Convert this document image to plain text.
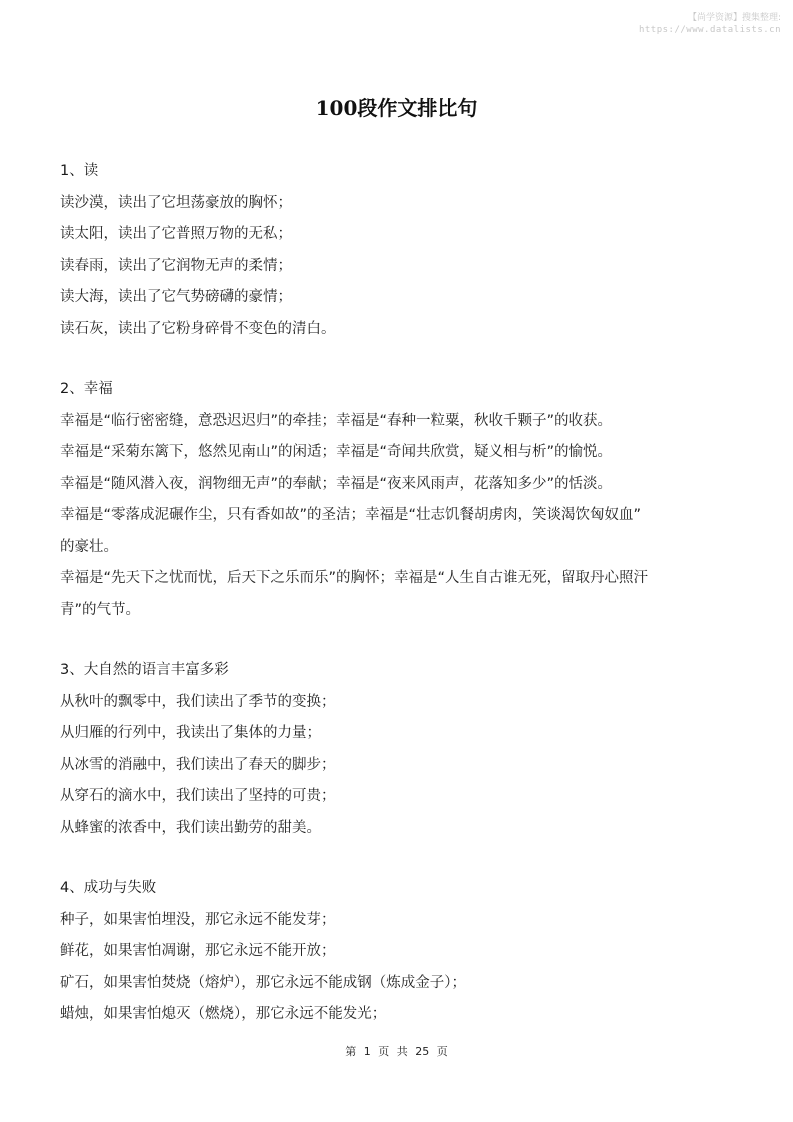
【尚学资源】搜集整理:
https://www.datalists.cn
100段作文排比句
1、读
读沙漠，读出了它坦荡豪放的胸怀；
读太阳，读出了它普照万物的无私；
读春雨，读出了它润物无声的柔情；
读大海，读出了它气势磅礴的豪情；
读石灰，读出了它粉身碎骨不变色的清白。
2、幸福
幸福是“临行密密缝，意恐迟迟归”的牵挂；幸福是“春种一粒粟，秋收千颗子”的收获。
幸福是“采菊东篱下，悠然见南山”的闲适；幸福是“奇闻共欣赏，疑义相与析”的愉悦。
幸福是“随风潜入夜，润物细无声”的奉献；幸福是“夜来风雨声，花落知多少”的恬淡。
幸福是“零落成泥碾作尘，只有香如故”的圣洁；幸福是“壮志饥餐胡虏肉，笑谈渴饮匈奴血”
的豪壮。
幸福是“先天下之忧而忧，后天下之乐而乐”的胸怀；幸福是“人生自古谁无死，留取丹心照汗
青”的气节。
3、大自然的语言丰富多彩
从秋叶的飘零中，我们读出了季节的变换；
从归雁的行列中，我读出了集体的力量；
从冰雪的消融中，我们读出了春天的脚步；
从穿石的滴水中，我们读出了坚持的可贵；
从蜂蜜的浓香中，我们读出勤劳的甜美。
4、成功与失败
种子，如果害怕埋没，那它永远不能发芽；
鲜花，如果害怕凋谢，那它永远不能开放；
矿石，如果害怕焚烧（熔炉），那它永远不能成钢（炼成金子）；
蜡烛，如果害怕熄灭（燃烧），那它永远不能发光；
第 1 页 共 25 页
